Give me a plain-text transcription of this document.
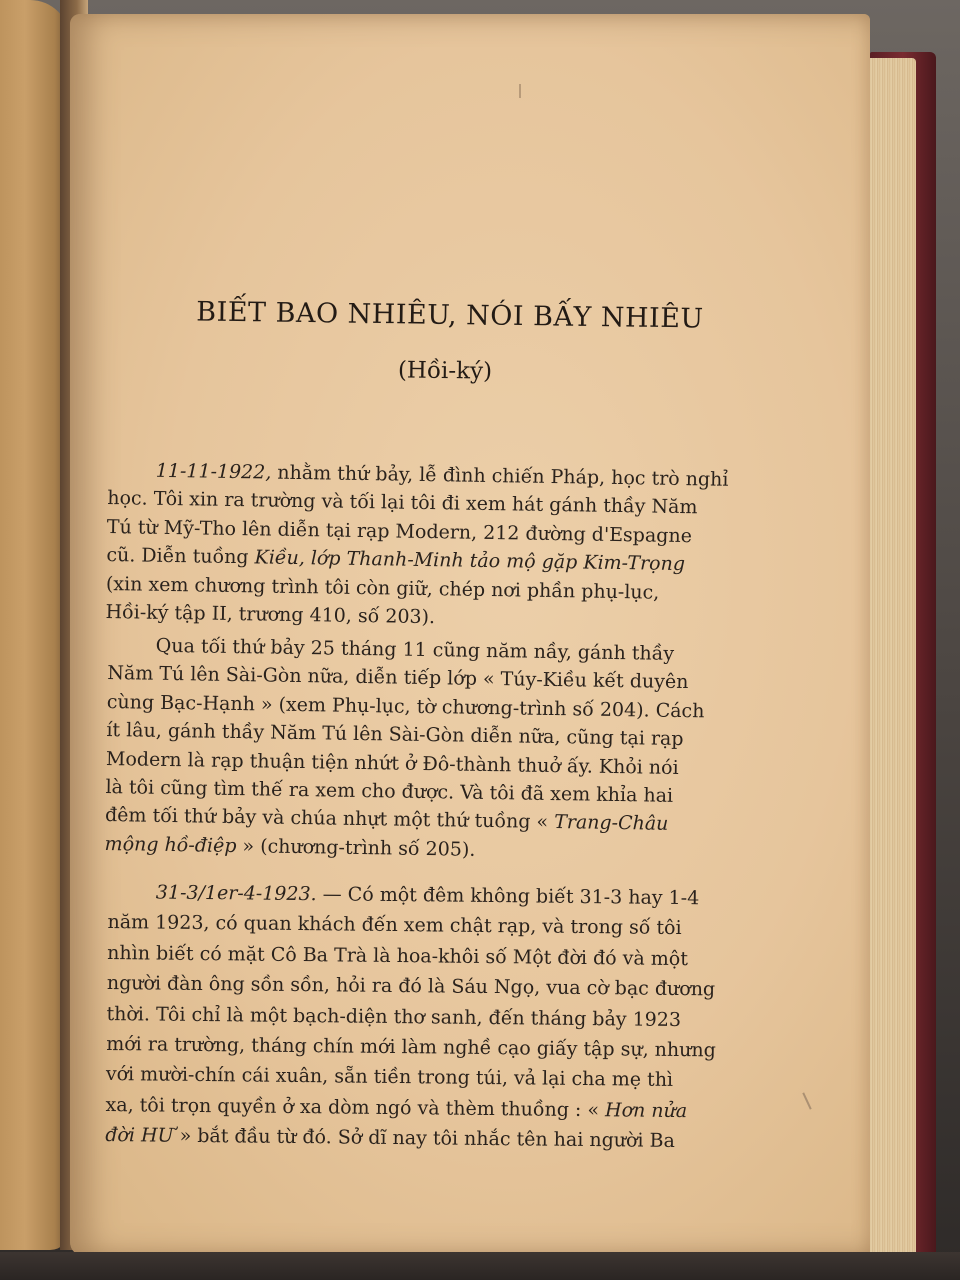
BIẾT BAO NHIÊU, NÓI BẤY NHIÊU
(Hồi-ký)
11-11-1922, nhằm thứ bảy, lễ đình chiến Pháp, học trò nghỉ
học. Tôi xin ra trường và tối lại tôi đi xem hát gánh thầy Năm
Tú từ Mỹ-Tho lên diễn tại rạp Modern, 212 đường d'Espagne
cũ. Diễn tuồng Kiều, lớp Thanh-Minh tảo mộ gặp Kim-Trọng
(xin xem chương trình tôi còn giữ, chép nơi phần phụ-lục,
Hồi-ký tập II, trương 410, số 203).
Qua tối thứ bảy 25 tháng 11 cũng năm nầy, gánh thầy
Năm Tú lên Sài-Gòn nữa, diễn tiếp lớp « Túy-Kiều kết duyên
cùng Bạc-Hạnh » (xem Phụ-lục, tờ chương-trình số 204). Cách
ít lâu, gánh thầy Năm Tú lên Sài-Gòn diễn nữa, cũng tại rạp
Modern là rạp thuận tiện nhứt ở Đô-thành thuở ấy. Khỏi nói
là tôi cũng tìm thế ra xem cho được. Và tôi đã xem khỉa hai
đêm tối thứ bảy và chúa nhựt một thứ tuồng « Trang-Châu
mộng hồ-điệp » (chương-trình số 205).
31-3/1er-4-1923. — Có một đêm không biết 31-3 hay 1-4
năm 1923, có quan khách đến xem chật rạp, và trong số tôi
nhìn biết có mặt Cô Ba Trà là hoa-khôi số Một đời đó và một
người đàn ông sồn sồn, hỏi ra đó là Sáu Ngọ, vua cờ bạc đương
thời. Tôi chỉ là một bạch-diện thơ sanh, đến tháng bảy 1923
mới ra trường, tháng chín mới làm nghề cạo giấy tập sự, nhưng
với mười-chín cái xuân, sẵn tiền trong túi, vả lại cha mẹ thì
xa, tôi trọn quyền ở xa dòm ngó và thèm thuồng : « Hơn nửa
đời HƯ » bắt đầu từ đó. Sở dĩ nay tôi nhắc tên hai người Ba
